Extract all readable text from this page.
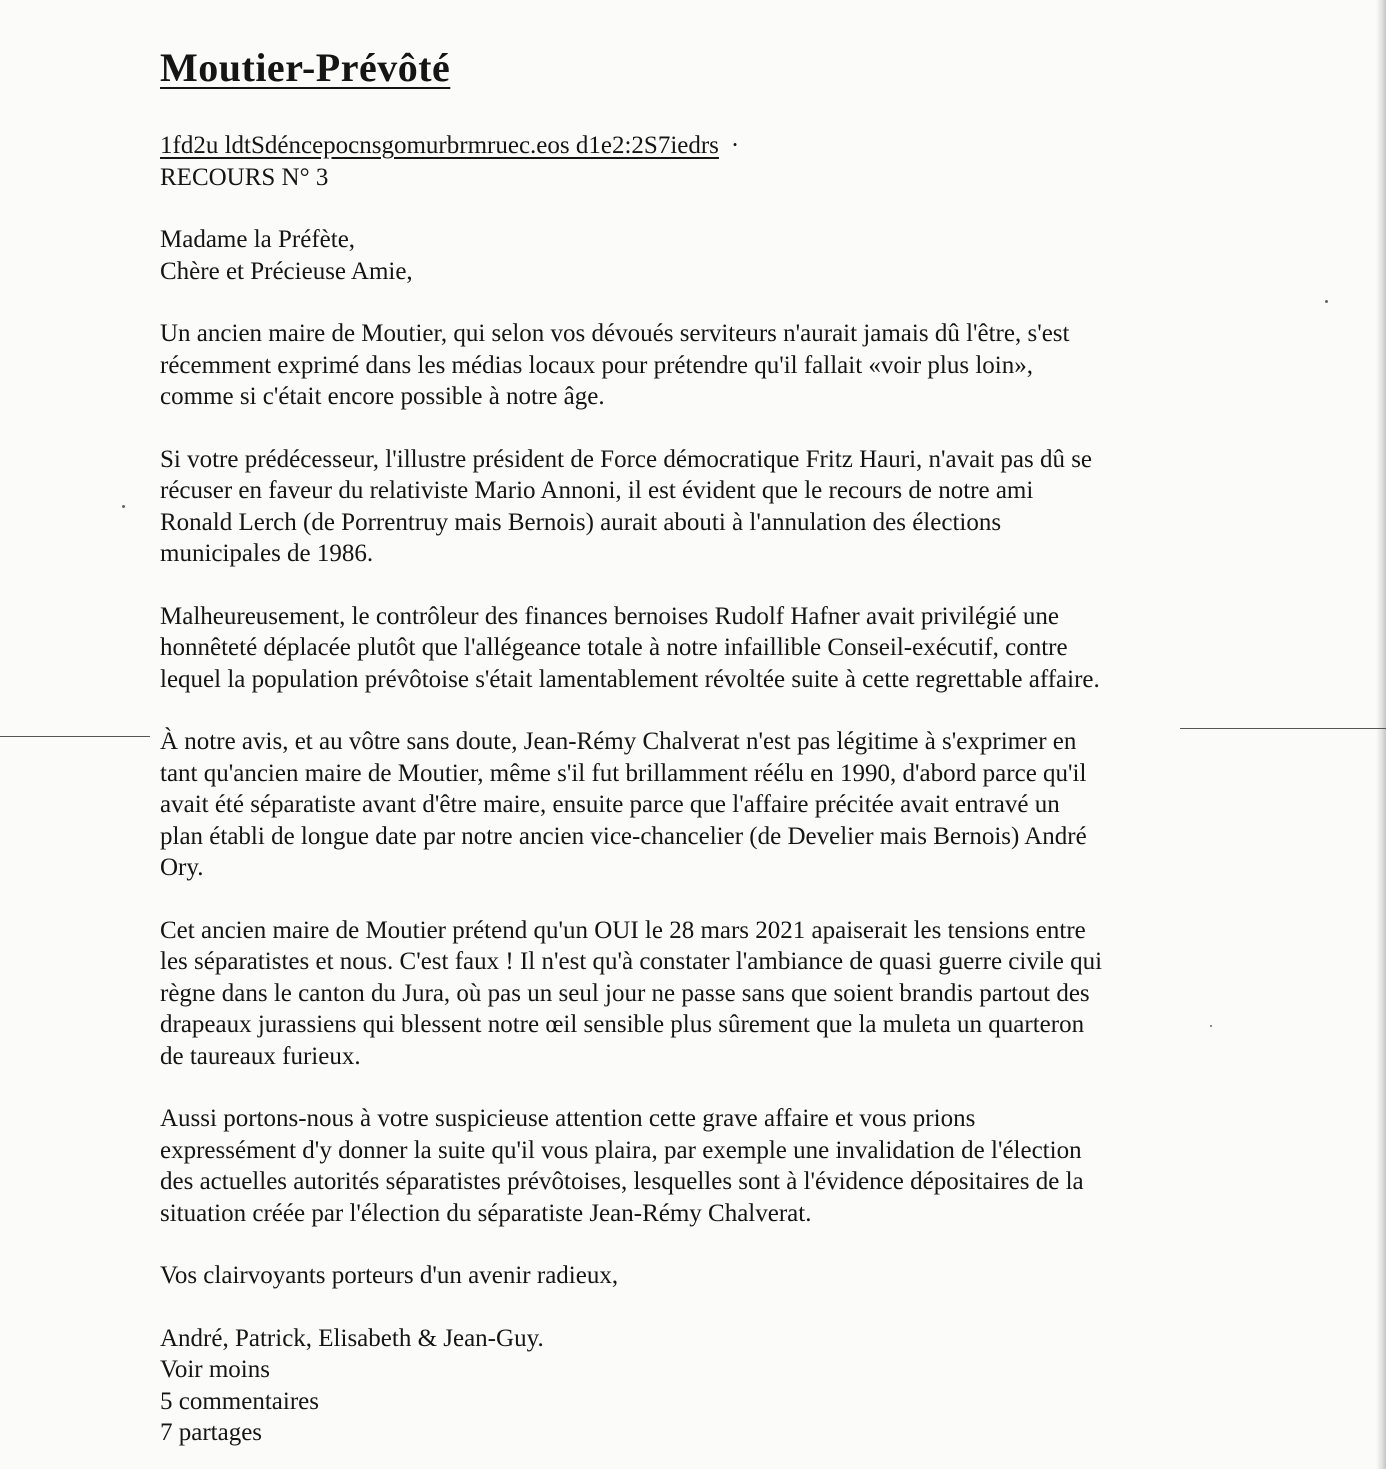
Moutier-Prévôté
1fd2u ldtSdéncepocnsgomurbrmruec.eos d1e2:2S7iedrs ·
RECOURS N° 3
Madame la Préfète,
Chère et Précieuse Amie,
Un ancien maire de Moutier, qui selon vos dévoués serviteurs n'aurait jamais dû l'être, s'est
récemment exprimé dans les médias locaux pour prétendre qu'il fallait «voir plus loin»,
comme si c'était encore possible à notre âge.
Si votre prédécesseur, l'illustre président de Force démocratique Fritz Hauri, n'avait pas dû se
récuser en faveur du relativiste Mario Annoni, il est évident que le recours de notre ami
Ronald Lerch (de Porrentruy mais Bernois) aurait abouti à l'annulation des élections
municipales de 1986.
Malheureusement, le contrôleur des finances bernoises Rudolf Hafner avait privilégié une
honnêteté déplacée plutôt que l'allégeance totale à notre infaillible Conseil-exécutif, contre
lequel la population prévôtoise s'était lamentablement révoltée suite à cette regrettable affaire.
À notre avis, et au vôtre sans doute, Jean-Rémy Chalverat n'est pas légitime à s'exprimer en
tant qu'ancien maire de Moutier, même s'il fut brillamment réélu en 1990, d'abord parce qu'il
avait été séparatiste avant d'être maire, ensuite parce que l'affaire précitée avait entravé un
plan établi de longue date par notre ancien vice-chancelier (de Develier mais Bernois) André
Ory.
Cet ancien maire de Moutier prétend qu'un OUI le 28 mars 2021 apaiserait les tensions entre
les séparatistes et nous. C'est faux ! Il n'est qu'à constater l'ambiance de quasi guerre civile qui
règne dans le canton du Jura, où pas un seul jour ne passe sans que soient brandis partout des
drapeaux jurassiens qui blessent notre œil sensible plus sûrement que la muleta un quarteron
de taureaux furieux.
Aussi portons-nous à votre suspicieuse attention cette grave affaire et vous prions
expressément d'y donner la suite qu'il vous plaira, par exemple une invalidation de l'élection
des actuelles autorités séparatistes prévôtoises, lesquelles sont à l'évidence dépositaires de la
situation créée par l'élection du séparatiste Jean-Rémy Chalverat.
Vos clairvoyants porteurs d'un avenir radieux,
André, Patrick, Elisabeth & Jean-Guy.
Voir moins
5 commentaires
7 partages
